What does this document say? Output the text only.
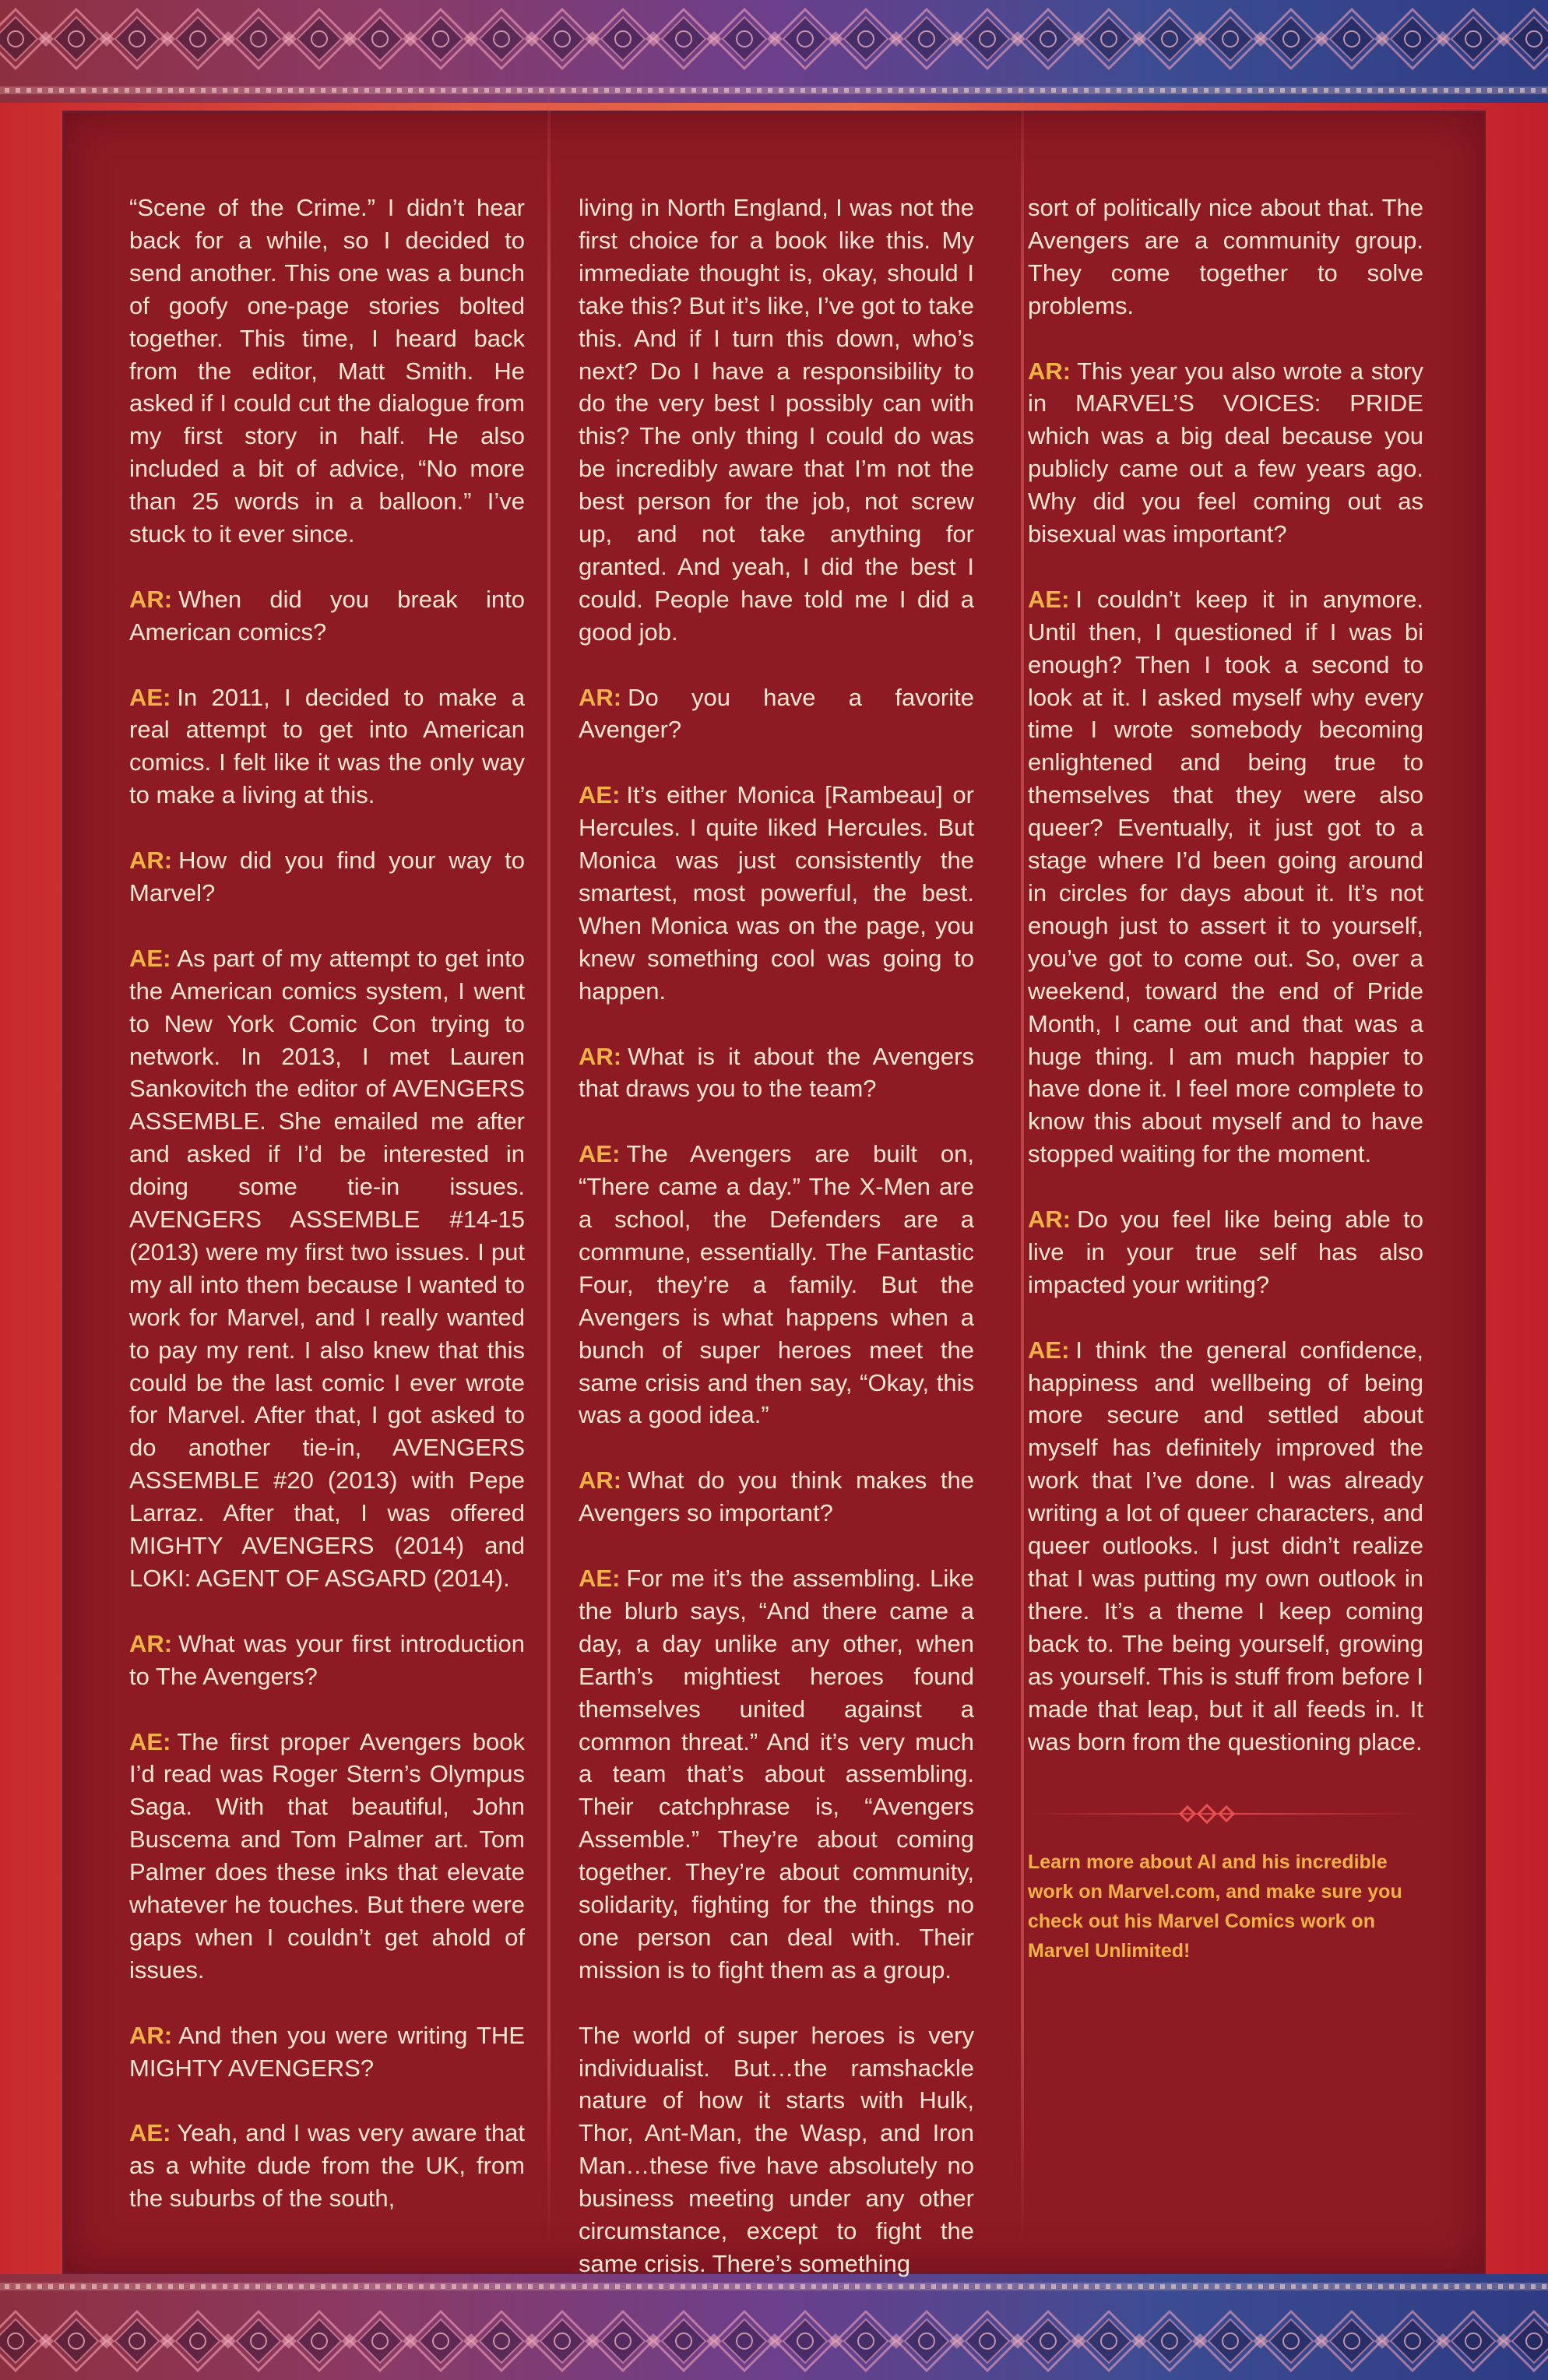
“Scene of the Crime.” I didn’t hear back for a while, so I decided to send another. This one was a bunch of goofy one-page stories bolted together. This time, I heard back from the editor, Matt Smith. He asked if I could cut the dialogue from my first story in half. He also included a bit of advice, “No more than 25 words in a balloon.” I’ve stuck to it ever since.

AR: When did you break into American comics?

AE: In 2011, I decided to make a real attempt to get into American comics. I felt like it was the only way to make a living at this.

AR: How did you find your way to Marvel?

AE: As part of my attempt to get into the American comics system, I went to New York Comic Con trying to network. In 2013, I met Lauren Sankovitch the editor of AVENGERS ASSEMBLE. She emailed me after and asked if I’d be interested in doing some tie-in issues. AVENGERS ASSEMBLE #14-15 (2013) were my first two issues. I put my all into them because I wanted to work for Marvel, and I really wanted to pay my rent. I also knew that this could be the last comic I ever wrote for Marvel. After that, I got asked to do another tie-in, AVENGERS ASSEMBLE #20 (2013) with Pepe Larraz. After that, I was offered MIGHTY AVENGERS (2014) and LOKI: AGENT OF ASGARD (2014).

AR: What was your first introduction to The Avengers?

AE: The first proper Avengers book I’d read was Roger Stern’s Olympus Saga. With that beautiful, John Buscema and Tom Palmer art. Tom Palmer does these inks that elevate whatever he touches. But there were gaps when I couldn’t get ahold of issues.

AR: And then you were writing THE MIGHTY AVENGERS?

AE: Yeah, and I was very aware that as a white dude from the UK, from the suburbs of the south,

living in North England, I was not the first choice for a book like this. My immediate thought is, okay, should I take this? But it’s like, I’ve got to take this. And if I turn this down, who’s next? Do I have a responsibility to do the very best I possibly can with this? The only thing I could do was be incredibly aware that I’m not the best person for the job, not screw up, and not take anything for granted. And yeah, I did the best I could. People have told me I did a good job.

AR: Do you have a favorite Avenger?

AE: It’s either Monica [Rambeau] or Hercules. I quite liked Hercules. But Monica was just consistently the smartest, most powerful, the best. When Monica was on the page, you knew something cool was going to happen.

AR: What is it about the Avengers that draws you to the team?

AE: The Avengers are built on, “There came a day.” The X-Men are a school, the Defenders are a commune, essentially. The Fantastic Four, they’re a family. But the Avengers is what happens when a bunch of super heroes meet the same crisis and then say, “Okay, this was a good idea.”

AR: What do you think makes the Avengers so important?

AE: For me it’s the assembling. Like the blurb says, “And there came a day, a day unlike any other, when Earth’s mightiest heroes found themselves united against a common threat.” And it’s very much a team that’s about assembling. Their catchphrase is, “Avengers Assemble.” They’re about coming together. They’re about community, solidarity, fighting for the things no one person can deal with. Their mission is to fight them as a group.

The world of super heroes is very individualist. But…the ramshackle nature of how it starts with Hulk, Thor, Ant-Man, the Wasp, and Iron Man…these five have absolutely no business meeting under any other circumstance, except to fight the same crisis. There’s something

sort of politically nice about that. The Avengers are a community group. They come together to solve problems.

AR: This year you also wrote a story in MARVEL’S VOICES: PRIDE which was a big deal because you publicly came out a few years ago. Why did you feel coming out as bisexual was important?

AE: I couldn’t keep it in anymore. Until then, I questioned if I was bi enough? Then I took a second to look at it. I asked myself why every time I wrote somebody becoming enlightened and being true to themselves that they were also queer? Eventually, it just got to a stage where I’d been going around in circles for days about it. It’s not enough just to assert it to yourself, you’ve got to come out. So, over a weekend, toward the end of Pride Month, I came out and that was a huge thing. I am much happier to have done it. I feel more complete to know this about myself and to have stopped waiting for the moment.

AR: Do you feel like being able to live in your true self has also impacted your writing?

AE: I think the general confidence, happiness and wellbeing of being more secure and settled about myself has definitely improved the work that I’ve done. I was already writing a lot of queer characters, and queer outlooks. I just didn’t realize that I was putting my own outlook in there. It’s a theme I keep coming back to. The being yourself, growing as yourself. This is stuff from before I made that leap, but it all feeds in. It was born from the questioning place.

Learn more about Al and his incredible work on Marvel.com, and make sure you check out his Marvel Comics work on Marvel Unlimited!
